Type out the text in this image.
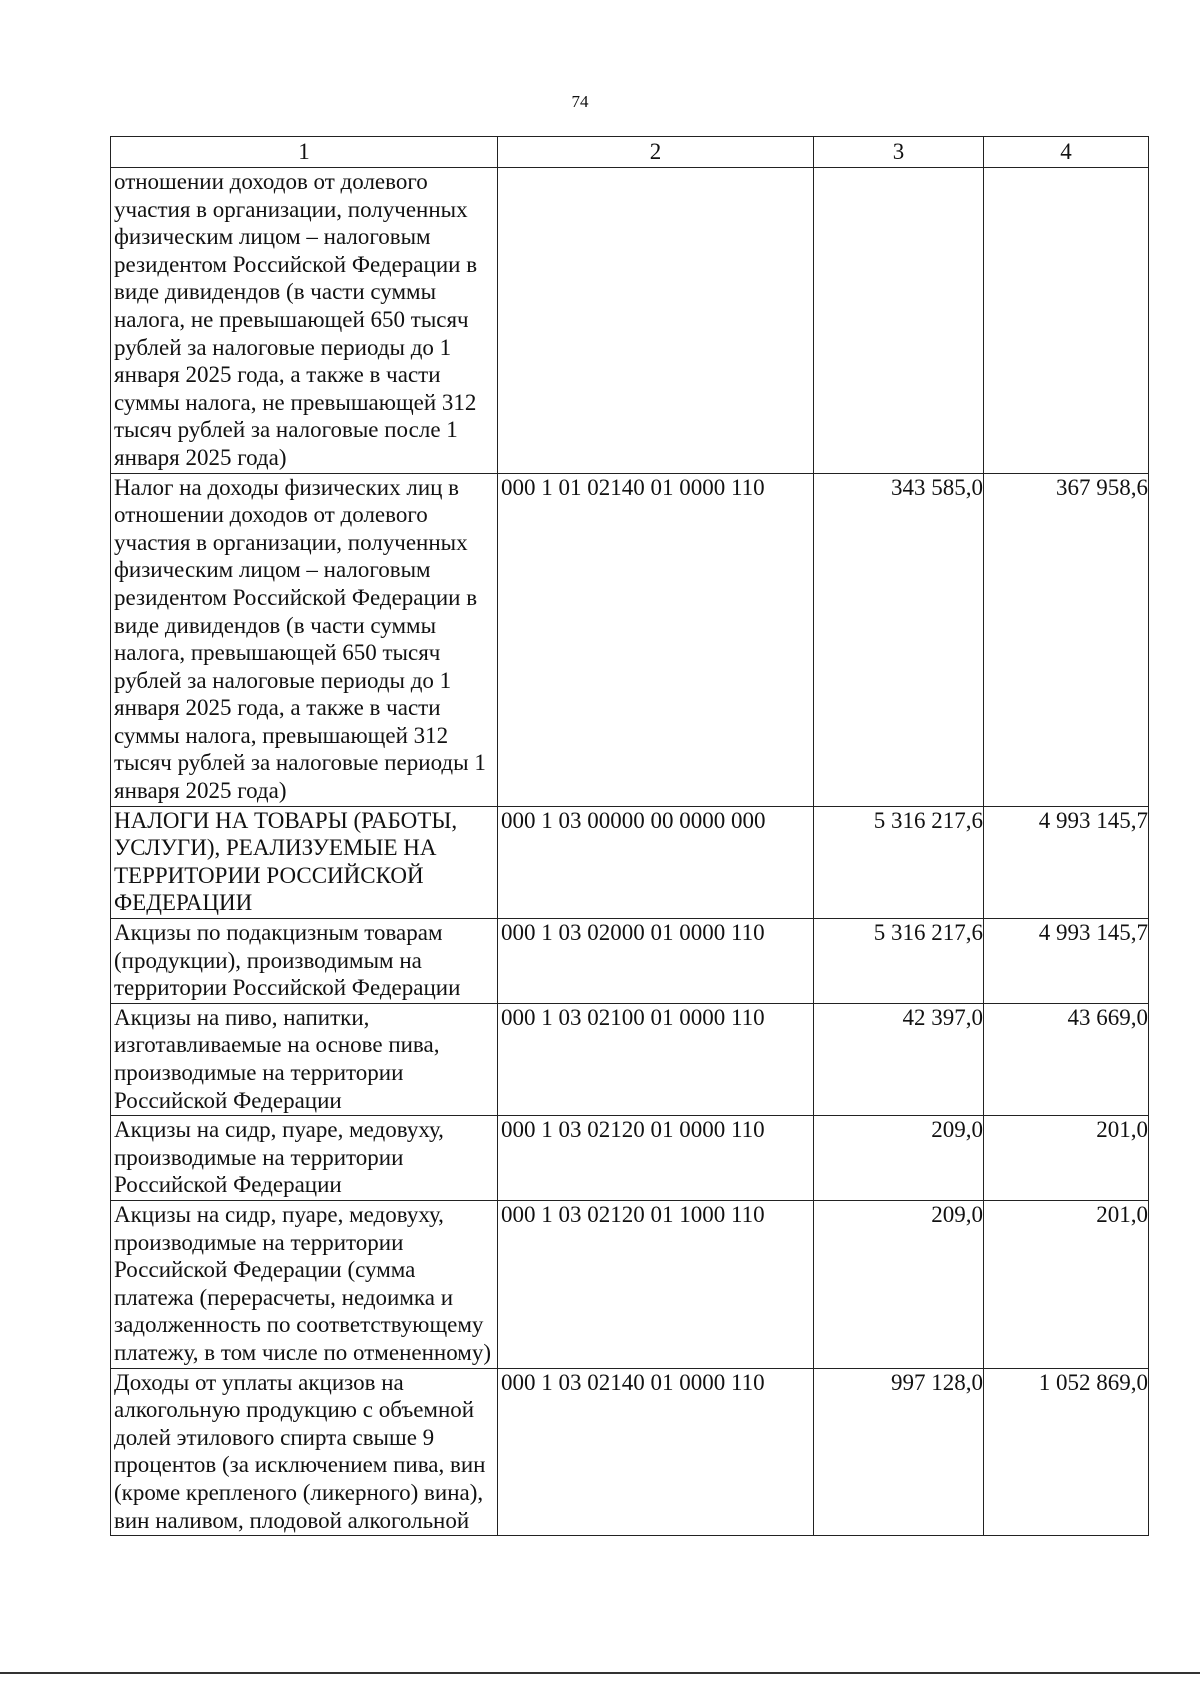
74
1	2	3	4
отношении доходов от долевого участия в организации, полученных физическим лицом – налоговым резидентом Российской Федерации в виде дивидендов (в части суммы налога, не превышающей 650 тысяч рублей за налоговые периоды до 1 января 2025 года, а также в части суммы налога, не превышающей 312 тысяч рублей за налоговые после 1 января 2025 года)			
Налог на доходы физических лиц в отношении доходов от долевого участия в организации, полученных физическим лицом – налоговым резидентом Российской Федерации в виде дивидендов (в части суммы налога, превышающей 650 тысяч рублей за налоговые периоды до 1 января 2025 года, а также в части суммы налога, превышающей 312 тысяч рублей за налоговые периоды 1 января 2025 года)	000 1 01 02140 01 0000 110	343 585,0	367 958,6
НАЛОГИ НА ТОВАРЫ (РАБОТЫ, УСЛУГИ), РЕАЛИЗУЕМЫЕ НА ТЕРРИТОРИИ РОССИЙСКОЙ ФЕДЕРАЦИИ	000 1 03 00000 00 0000 000	5 316 217,6	4 993 145,7
Акцизы по подакцизным товарам (продукции), производимым на территории Российской Федерации	000 1 03 02000 01 0000 110	5 316 217,6	4 993 145,7
Акцизы на пиво, напитки, изготавливаемые на основе пива, производимые на территории Российской Федерации	000 1 03 02100 01 0000 110	42 397,0	43 669,0
Акцизы на сидр, пуаре, медовуху, производимые на территории Российской Федерации	000 1 03 02120 01 0000 110	209,0	201,0
Акцизы на сидр, пуаре, медовуху, производимые на территории Российской Федерации (сумма платежа (перерасчеты, недоимка и задолженность по соответствующему платежу, в том числе по отмененному)	000 1 03 02120 01 1000 110	209,0	201,0
Доходы от уплаты акцизов на алкогольную продукцию с объемной долей этилового спирта свыше 9 процентов (за исключением пива, вин (кроме крепленого (ликерного) вина), вин наливом, плодовой алкогольной	000 1 03 02140 01 0000 110	997 128,0	1 052 869,0
